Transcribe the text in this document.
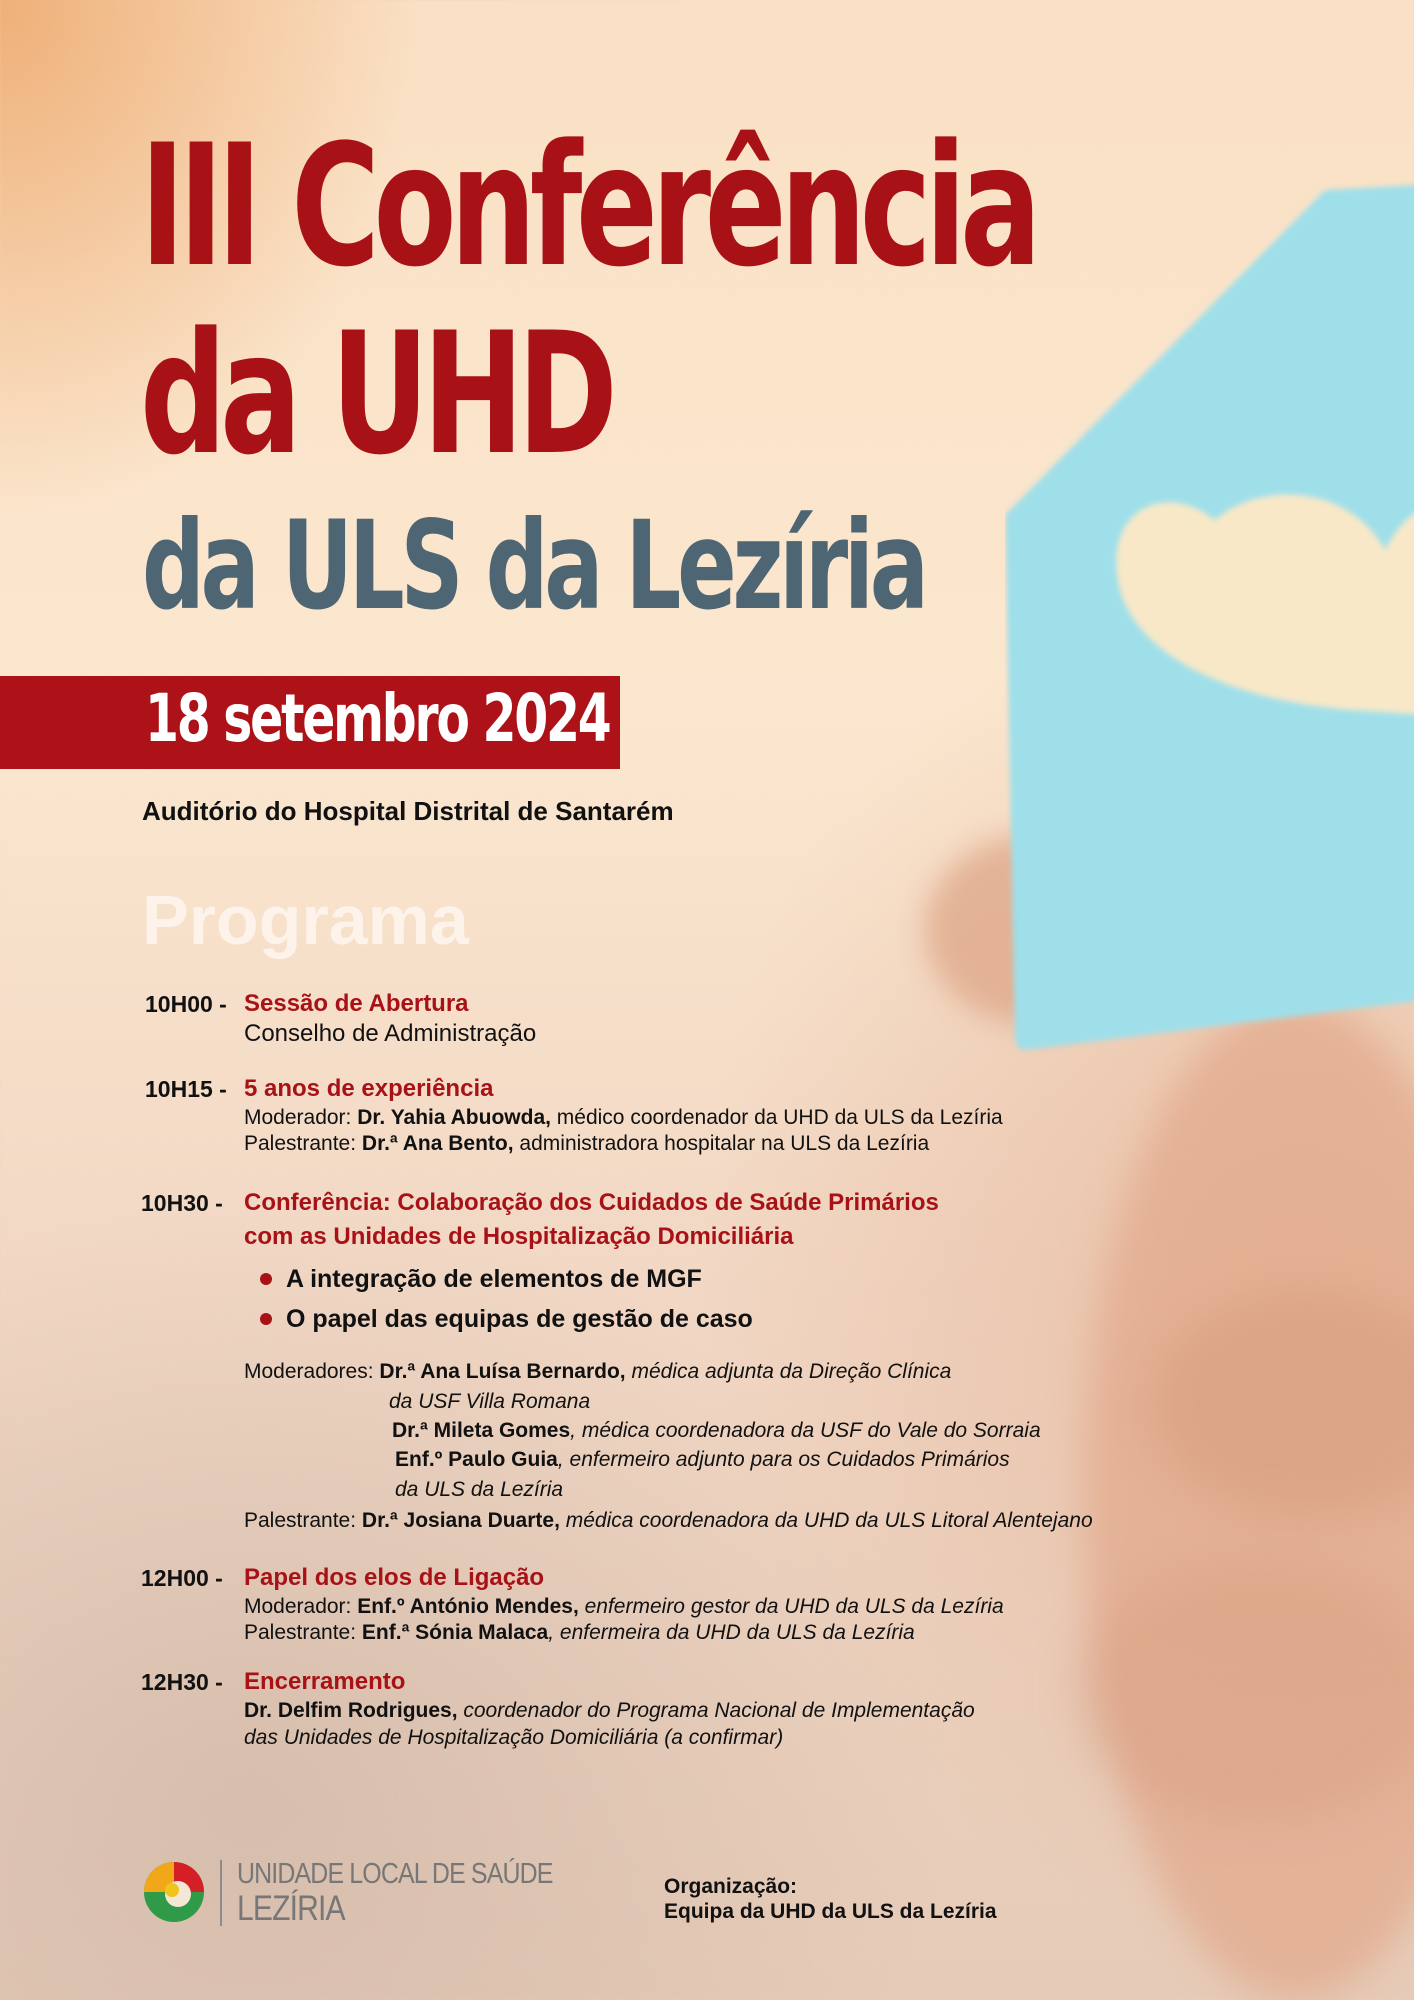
III Conferência
da UHD
da ULS da Lezíria
18 setembro 2024
Auditório do Hospital Distrital de Santarém
Programa
10H00 - Sessão de Abertura
Conselho de Administração
10H15 - 5 anos de experiência
Moderador: Dr. Yahia Abuowda, médico coordenador da UHD da ULS da Lezíria
Palestrante: Dr.ª Ana Bento, administradora hospitalar na ULS da Lezíria
10H30 - Conferência: Colaboração dos Cuidados de Saúde Primários
com as Unidades de Hospitalização Domiciliária
A integração de elementos de MGF
O papel das equipas de gestão de caso
Moderadores: Dr.ª Ana Luísa Bernardo, médica adjunta da Direção Clínica
da USF Villa Romana
Dr.ª Mileta Gomes, médica coordenadora da USF do Vale do Sorraia
Enf.º Paulo Guia, enfermeiro adjunto para os Cuidados Primários
da ULS da Lezíria
Palestrante: Dr.ª Josiana Duarte, médica coordenadora da UHD da ULS Litoral Alentejano
12H00 - Papel dos elos de Ligação
Moderador: Enf.º António Mendes, enfermeiro gestor da UHD da ULS da Lezíria
Palestrante: Enf.ª Sónia Malaca, enfermeira da UHD da ULS da Lezíria
12H30 - Encerramento
Dr. Delfim Rodrigues, coordenador do Programa Nacional de Implementação
das Unidades de Hospitalização Domiciliária (a confirmar)
UNIDADE LOCAL DE SAÚDE
LEZÍRIA
Organização:
Equipa da UHD da ULS da Lezíria
